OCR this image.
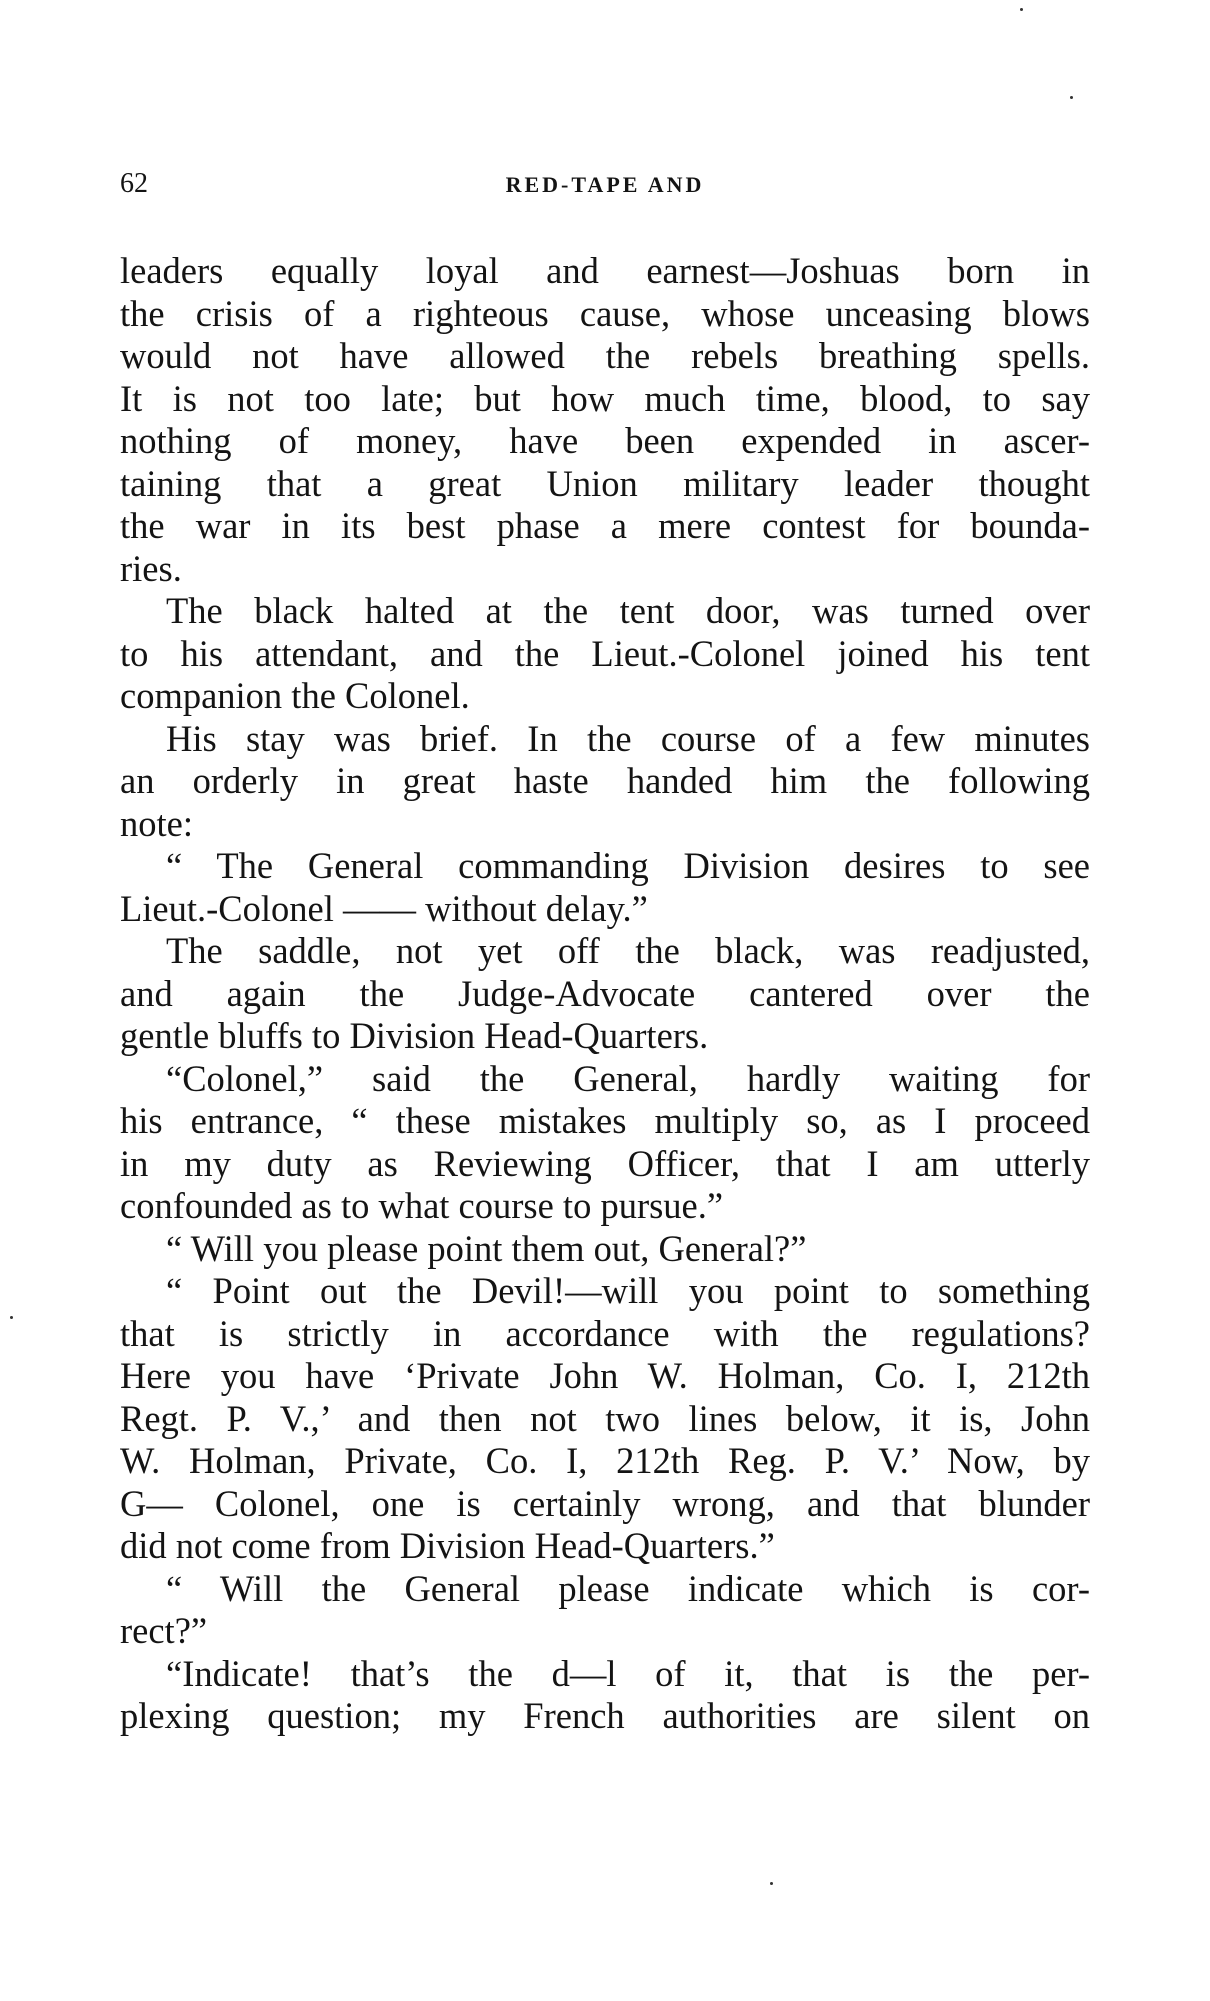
62	RED-TAPE AND
leaders equally loyal and earnest—Joshuas born in
the crisis of a righteous cause, whose unceasing blows
would not have allowed the rebels breathing spells.
It is not too late; but how much time, blood, to say
nothing of money, have been expended in ascer-
taining that a great Union military leader thought
the war in its best phase a mere contest for bounda-
ries.
The black halted at the tent door, was turned over
to his attendant, and the Lieut.-Colonel joined his tent
companion the Colonel.
His stay was brief. In the course of a few minutes
an orderly in great haste handed him the following
note:
“ The General commanding Division desires to see
Lieut.-Colonel —— without delay.”
The saddle, not yet off the black, was readjusted,
and again the Judge-Advocate cantered over the
gentle bluffs to Division Head-Quarters.
“Colonel,” said the General, hardly waiting for
his entrance, “ these mistakes multiply so, as I proceed
in my duty as Reviewing Officer, that I am utterly
confounded as to what course to pursue.”
“ Will you please point them out, General?”
“ Point out the Devil!—will you point to something
that is strictly in accordance with the regulations?
Here you have ‘Private John W. Holman, Co. I, 212th
Regt. P. V.,’ and then not two lines below, it is, John
W. Holman, Private, Co. I, 212th Reg. P. V.’ Now, by
G— Colonel, one is certainly wrong, and that blunder
did not come from Division Head-Quarters.”
“ Will the General please indicate which is cor-
rect?”
“Indicate! that’s the d—l of it, that is the per-
plexing question; my French authorities are silent on
